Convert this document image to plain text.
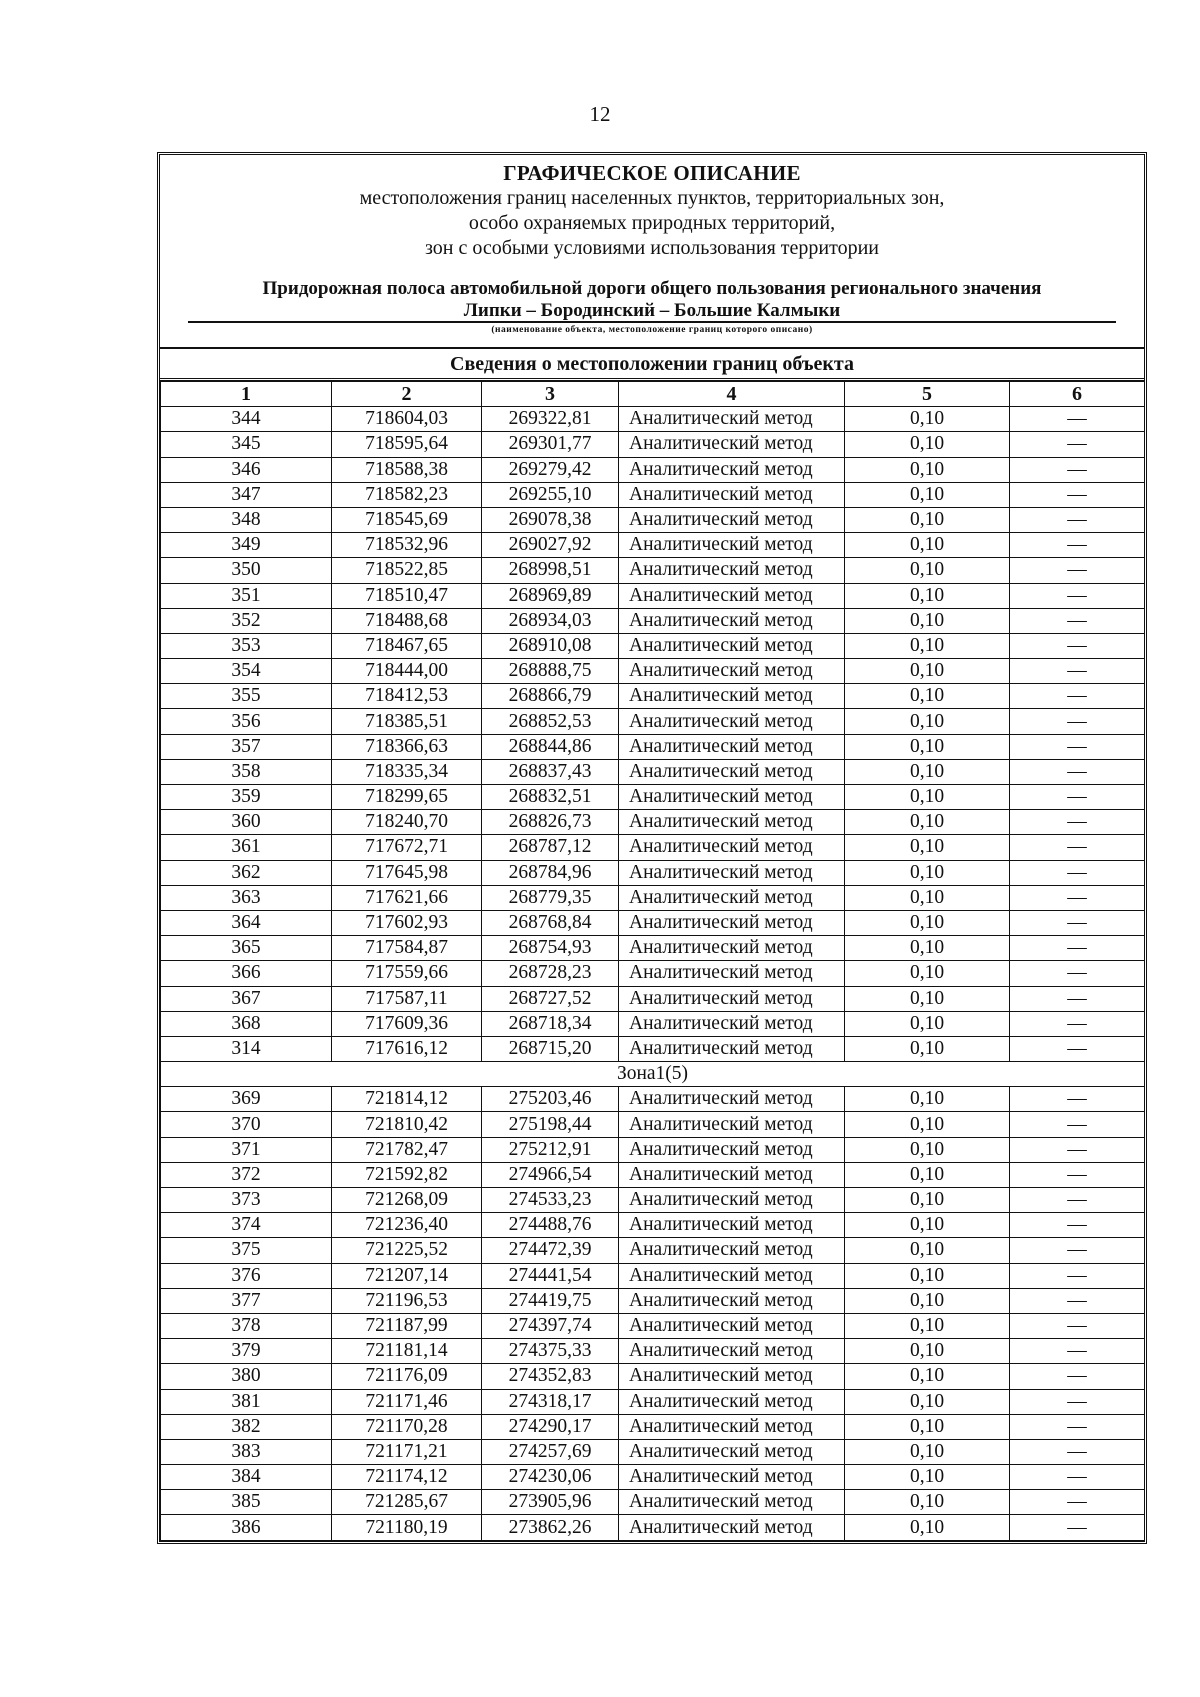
12
ГРАФИЧЕСКОЕ ОПИСАНИЕ
местоположения границ населенных пунктов, территориальных зон,
особо охраняемых природных территорий,
зон с особыми условиями использования территории
Придорожная полоса автомобильной дороги общего пользования регионального значения
Липки – Бородинский – Большие Калмыки
(наименование объекта, местоположение границ которого описано)
Сведения о местоположении границ объекта
1	2	3	4	5	6
344	718604,03	269322,81	Аналитический метод	0,10	—
345	718595,64	269301,77	Аналитический метод	0,10	—
346	718588,38	269279,42	Аналитический метод	0,10	—
347	718582,23	269255,10	Аналитический метод	0,10	—
348	718545,69	269078,38	Аналитический метод	0,10	—
349	718532,96	269027,92	Аналитический метод	0,10	—
350	718522,85	268998,51	Аналитический метод	0,10	—
351	718510,47	268969,89	Аналитический метод	0,10	—
352	718488,68	268934,03	Аналитический метод	0,10	—
353	718467,65	268910,08	Аналитический метод	0,10	—
354	718444,00	268888,75	Аналитический метод	0,10	—
355	718412,53	268866,79	Аналитический метод	0,10	—
356	718385,51	268852,53	Аналитический метод	0,10	—
357	718366,63	268844,86	Аналитический метод	0,10	—
358	718335,34	268837,43	Аналитический метод	0,10	—
359	718299,65	268832,51	Аналитический метод	0,10	—
360	718240,70	268826,73	Аналитический метод	0,10	—
361	717672,71	268787,12	Аналитический метод	0,10	—
362	717645,98	268784,96	Аналитический метод	0,10	—
363	717621,66	268779,35	Аналитический метод	0,10	—
364	717602,93	268768,84	Аналитический метод	0,10	—
365	717584,87	268754,93	Аналитический метод	0,10	—
366	717559,66	268728,23	Аналитический метод	0,10	—
367	717587,11	268727,52	Аналитический метод	0,10	—
368	717609,36	268718,34	Аналитический метод	0,10	—
314	717616,12	268715,20	Аналитический метод	0,10	—
Зона1(5)					
369	721814,12	275203,46	Аналитический метод	0,10	—
370	721810,42	275198,44	Аналитический метод	0,10	—
371	721782,47	275212,91	Аналитический метод	0,10	—
372	721592,82	274966,54	Аналитический метод	0,10	—
373	721268,09	274533,23	Аналитический метод	0,10	—
374	721236,40	274488,76	Аналитический метод	0,10	—
375	721225,52	274472,39	Аналитический метод	0,10	—
376	721207,14	274441,54	Аналитический метод	0,10	—
377	721196,53	274419,75	Аналитический метод	0,10	—
378	721187,99	274397,74	Аналитический метод	0,10	—
379	721181,14	274375,33	Аналитический метод	0,10	—
380	721176,09	274352,83	Аналитический метод	0,10	—
381	721171,46	274318,17	Аналитический метод	0,10	—
382	721170,28	274290,17	Аналитический метод	0,10	—
383	721171,21	274257,69	Аналитический метод	0,10	—
384	721174,12	274230,06	Аналитический метод	0,10	—
385	721285,67	273905,96	Аналитический метод	0,10	—
386	721180,19	273862,26	Аналитический метод	0,10	—
